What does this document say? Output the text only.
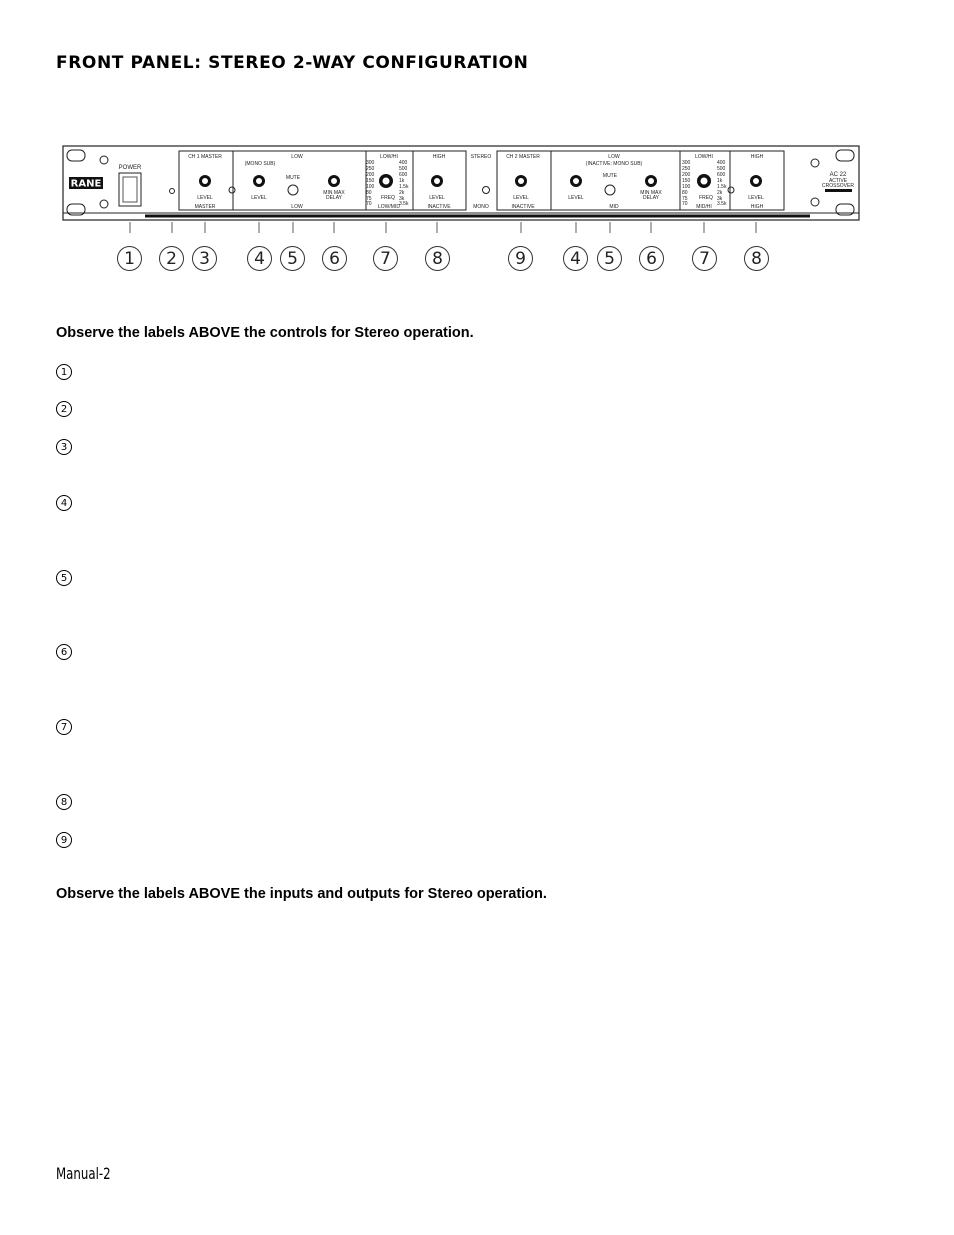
FRONT PANEL: STEREO 2-WAY CONFIGURATION
RANE
POWER
CH 1 MASTER	LOW
(MONO SUB)
LOW/HI	HIGH	STEREO	CH 2 MASTER	LOW
(INACTIVE: MONO SUB)
LOW/HI	HIGH
MASTER	LOW	LOW/MID	INACTIVE	MONO	INACTIVE	MID	MID/HI	HIGH
MUTE	MUTE
LEVEL	LEVEL
MIN MAX
DELAY	LEVEL	LEVEL	LEVEL
MIN MAX
DELAY	LEVEL
FREQ	FREQ
300
250
200
150
100
80
75
70
400
500
600
1k
1.5k
2k
3k
3.5k
300
250
200
150
100
80
75
70
400
500
600
1k
1.5k
2k
3k
3.5k
AC 22
ACTIVE
CROSSOVER
1	2	3	4	5	6	7	8	9	4	5	6	7	8

Observe the labels ABOVE the controls for Stereo operation.

1
2
3
4
5
6
7
8
9

Observe the labels ABOVE the inputs and outputs for Stereo operation.

Manual-2
